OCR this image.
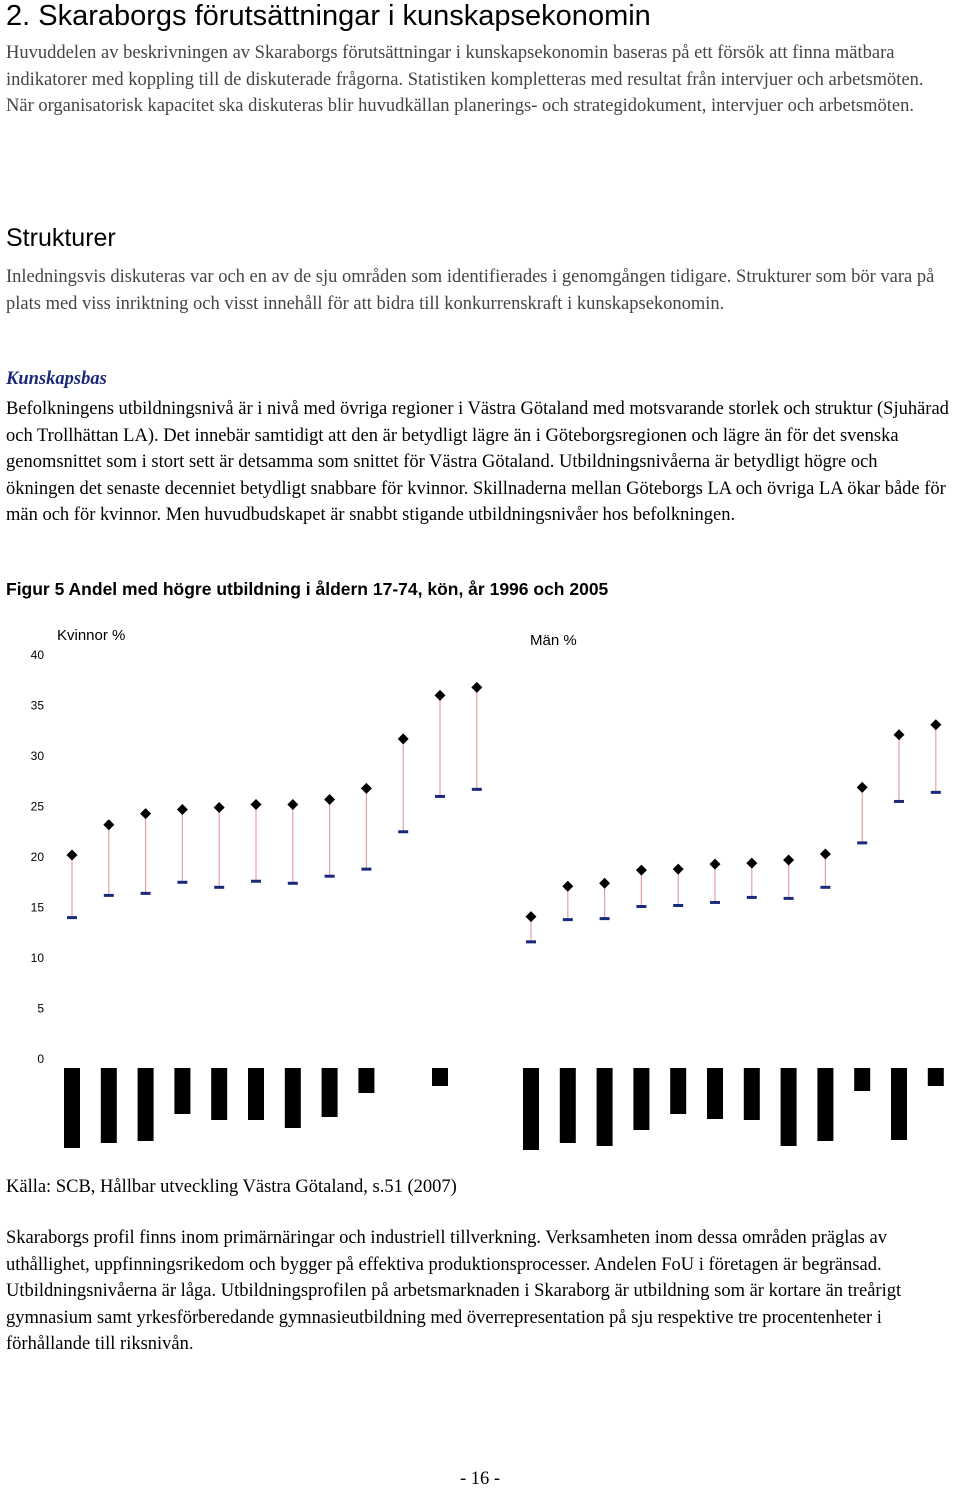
2. Skaraborgs förutsättningar i kunskapsekonomin

Huvuddelen av beskrivningen av Skaraborgs förutsättningar i kunskapsekonomin baseras på ett försök att finna mätbara indikatorer med koppling till de diskuterade frågorna. Statistiken kompletteras med resultat från intervjuer och arbetsmöten. När organisatorisk kapacitet ska diskuteras blir huvudkällan planerings- och strategidokument, intervjuer och arbetsmöten.

Strukturer

Inledningsvis diskuteras var och en av de sju områden som identifierades i genomgången tidigare. Strukturer som bör vara på plats med viss inriktning och visst innehåll för att bidra till konkurrenskraft i kunskapsekonomin.

Kunskapsbas

Befolkningens utbildningsnivå är i nivå med övriga regioner i Västra Götaland med motsvarande storlek och struktur (Sjuhärad och Trollhättan LA). Det innebär samtidigt att den är betydligt lägre än i Göteborgsregionen och lägre än för det svenska genomsnittet som i stort sett är detsamma som snittet för Västra Götaland. Utbildningsnivåerna är betydligt högre och ökningen det senaste decenniet betydligt snabbare för kvinnor. Skillnaderna mellan Göteborgs LA och övriga LA ökar både för män och för kvinnor. Men huvudbudskapet är snabbt stigande utbildningsnivåer hos befolkningen.

Figur 5 Andel med högre utbildning i åldern 17-74, kön, år 1996 och 2005
0
5
10
15
20
25
30
35
40
Kvinnor %	Män %

Källa: SCB, Hållbar utveckling Västra Götaland, s.51 (2007)

Skaraborgs profil finns inom primärnäringar och industriell tillverkning. Verksamheten inom dessa områden präglas av uthållighet, uppfinningsrikedom och bygger på effektiva produktionsprocesser. Andelen FoU i företagen är begränsad. Utbildningsnivåerna är låga. Utbildningsprofilen på arbetsmarknaden i Skaraborg är utbildning som är kortare än treårigt gymnasium samt yrkesförberedande gymnasieutbildning med överrepresentation på sju respektive tre procentenheter i förhållande till riksnivån.

- 16 -
